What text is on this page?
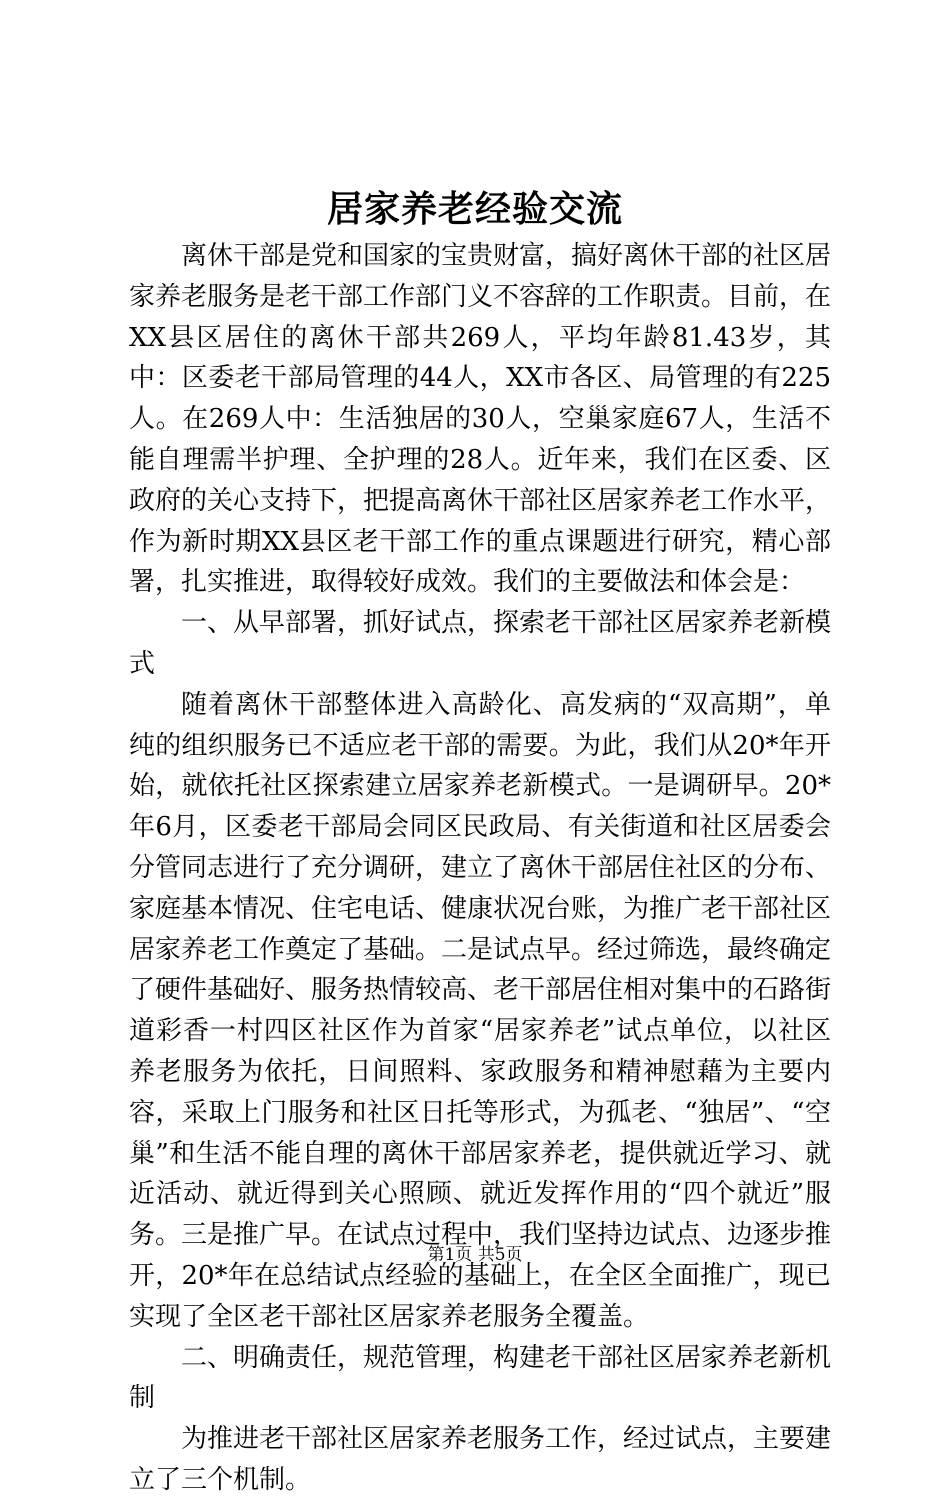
居家养老经验交流

离休干部是党和国家的宝贵财富，搞好离休干部的社区居家养老服务是老干部工作部门义不容辞的工作职责。目前，在XX县区居住的离休干部共269人，平均年龄81.43岁，其中：区委老干部局管理的44人，XX市各区、局管理的有225人。在269人中：生活独居的30人，空巢家庭67人，生活不能自理需半护理、全护理的28人。近年来，我们在区委、区政府的关心支持下，把提高离休干部社区居家养老工作水平，作为新时期XX县区老干部工作的重点课题进行研究，精心部署，扎实推进，取得较好成效。我们的主要做法和体会是：

一、从早部署，抓好试点，探索老干部社区居家养老新模式

随着离休干部整体进入高龄化、高发病的“双高期”，单纯的组织服务已不适应老干部的需要。为此，我们从20*年开始，就依托社区探索建立居家养老新模式。一是调研早。20*年6月，区委老干部局会同区民政局、有关街道和社区居委会分管同志进行了充分调研，建立了离休干部居住社区的分布、家庭基本情况、住宅电话、健康状况台账，为推广老干部社区居家养老工作奠定了基础。二是试点早。经过筛选，最终确定了硬件基础好、服务热情较高、老干部居住相对集中的石路街道彩香一村四区社区作为首家“居家养老”试点单位，以社区养老服务为依托，日间照料、家政服务和精神慰藉为主要内容，采取上门服务和社区日托等形式，为孤老、“独居”、“空巢”和生活不能自理的离休干部居家养老，提供就近学习、就近活动、就近得到关心照顾、就近发挥作用的“四个就近”服务。三是推广早。在试点过程中，我们坚持边试点、边逐步推开，20*年在总结试点经验的基础上，在全区全面推广，现已实现了全区老干部社区居家养老服务全覆盖。

二、明确责任，规范管理，构建老干部社区居家养老新机制

为推进老干部社区居家养老服务工作，经过试点，主要建立了三个机制。

第1页 共5页
